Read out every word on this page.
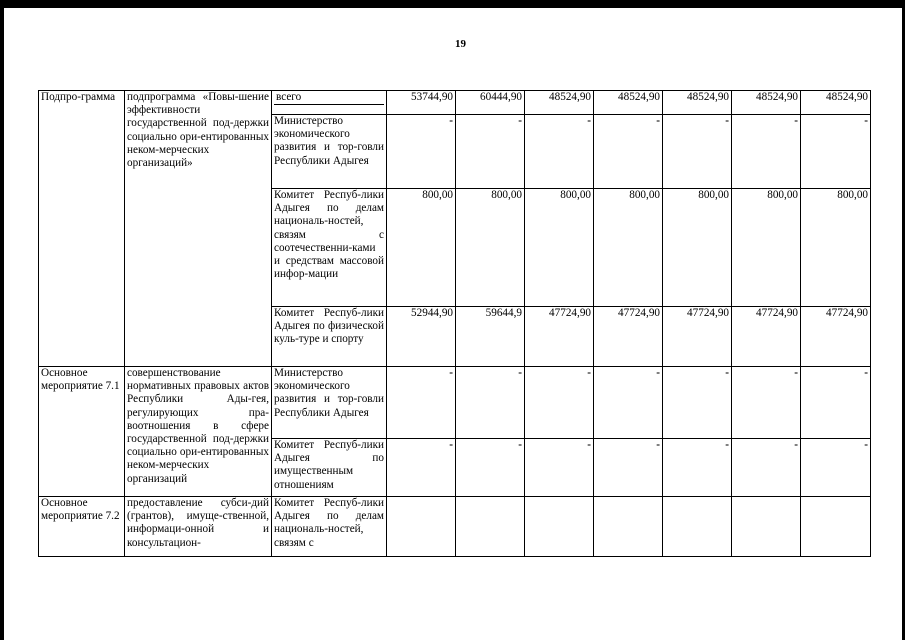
19
Подпро-грамма	подпрограмма «Повы-шение эффективности государственной под-держки социально ори-ентированных неком-мерческих организаций»	всего	53744,90	60444,90	48524,90	48524,90	48524,90	48524,90	48524,90
		Министерство экономического развития и тор-говли Республики Адыгея	-	-	-	-	-	-	-
		Комитет Респуб-лики Адыгея по делам националь-ностей, связям с соотечественни-ками и средствам массовой инфор-мации	800,00	800,00	800,00	800,00	800,00	800,00	800,00
		Комитет Респуб-лики Адыгея по физической куль-туре и спорту	52944,90	59644,9	47724,90	47724,90	47724,90	47724,90	47724,90
Основное мероприятие 7.1	совершенствование нормативных правовых актов Республики Ады-гея, регулирующих пра-воотношения в сфере государственной под-держки социально ори-ентированных неком-мерческих организаций	Министерство экономического развития и тор-говли Республики Адыгея	-	-	-	-	-	-	-
		Комитет Респуб-лики Адыгея по имущественным отношениям	-	-	-	-	-	-	-
Основное мероприятие 7.2	предоставление субси-дий (грантов), имуще-ственной, информаци-онной и консультацион-	Комитет Респуб-лики Адыгея по делам националь-ностей, связям с							
